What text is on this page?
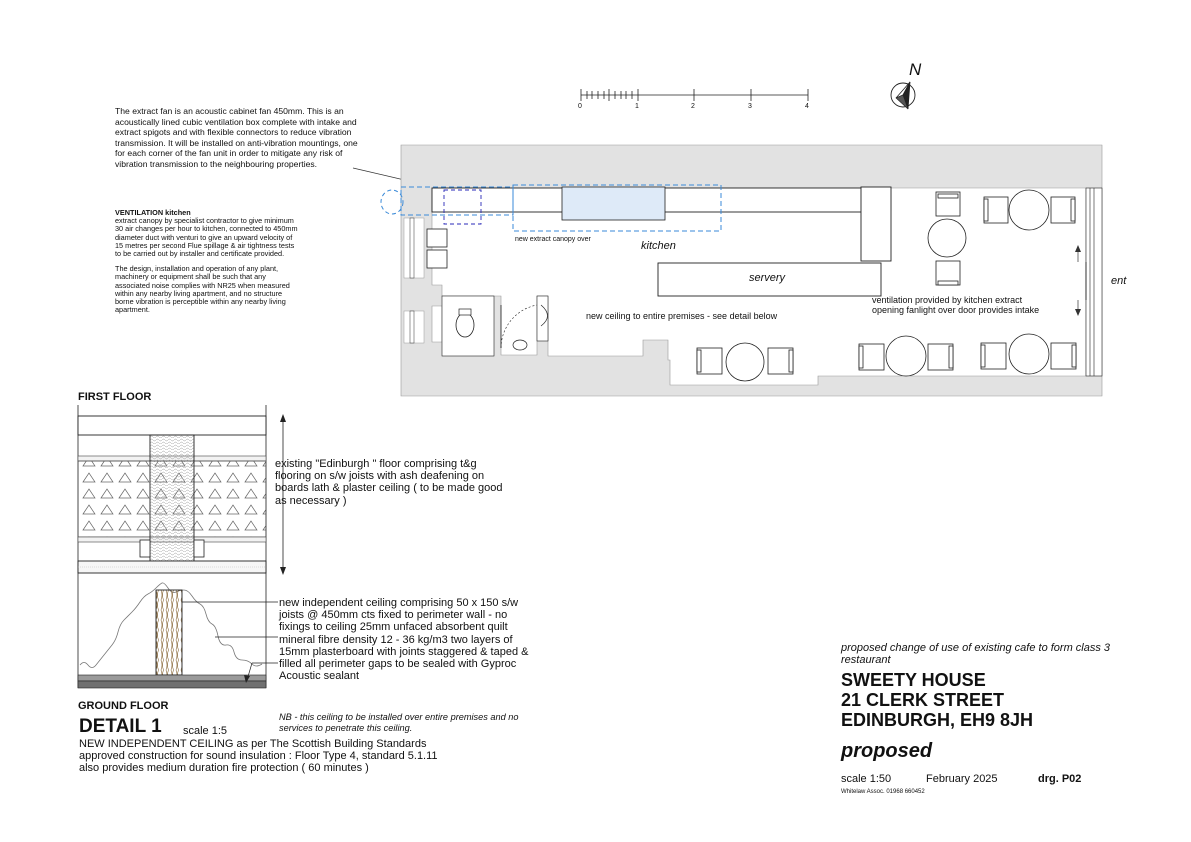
0	1	2	3	4
N
The extract fan is an acoustic cabinet fan 450mm. This is an acoustically lined cubic ventilation box complete with intake and extract spigots and with flexible connectors to reduce vibration transmission. It will be installed on anti-vibration mountings, one for each corner of the fan unit in order to mitigate any risk of vibration transmission to the neighbouring properties.
VENTILATION kitchen

extract canopy by specialist contractor to give minimum 30 air changes per hour to kitchen, connected to 450mm diameter duct with venturi to give an upward velocity of 15 metres per second Flue spillage & air tightness tests to be carried out by installer and certificate provided.

The design, installation and operation of any plant, machinery or equipment shall be such that any associated noise complies with NR25 when measured within any nearby living apartment, and no structure borne vibration is perceptible within any nearby living apartment.

kitchen
servery
new extract canopy over
new ceiling to entire premises - see detail below
ventilation provided by kitchen extract
opening fanlight over door provides intake
ent
FIRST FLOOR
GROUND FLOOR
existing "Edinburgh " floor comprising t&g flooring on s/w joists with ash deafening on boards lath & plaster ceiling ( to be made good as necessary )
new independent ceiling comprising 50 x 150 s/w joists @ 450mm cts fixed to perimeter wall - no fixings to ceiling 25mm unfaced absorbent quilt mineral fibre density 12 - 36 kg/m3 two layers of 15mm plasterboard with joints staggered & taped & filled all perimeter gaps to be sealed with Gyproc Acoustic sealant
NB - this ceiling to be installed over entire premises and no services to penetrate this ceiling.
DETAIL 1 scale 1:5
NEW INDEPENDENT CEILING as per The Scottish Building Standards approved construction for sound insulation : Floor Type 4, standard 5.1.11 also provides medium duration fire protection ( 60 minutes )
proposed change of use of existing cafe to form class 3 restaurant
SWEETY HOUSE
21 CLERK STREET
EDINBURGH, EH9 8JH
proposed
scale 1:50	February 2025	drg. P02
Whitelaw Assoc. 01968 660452
